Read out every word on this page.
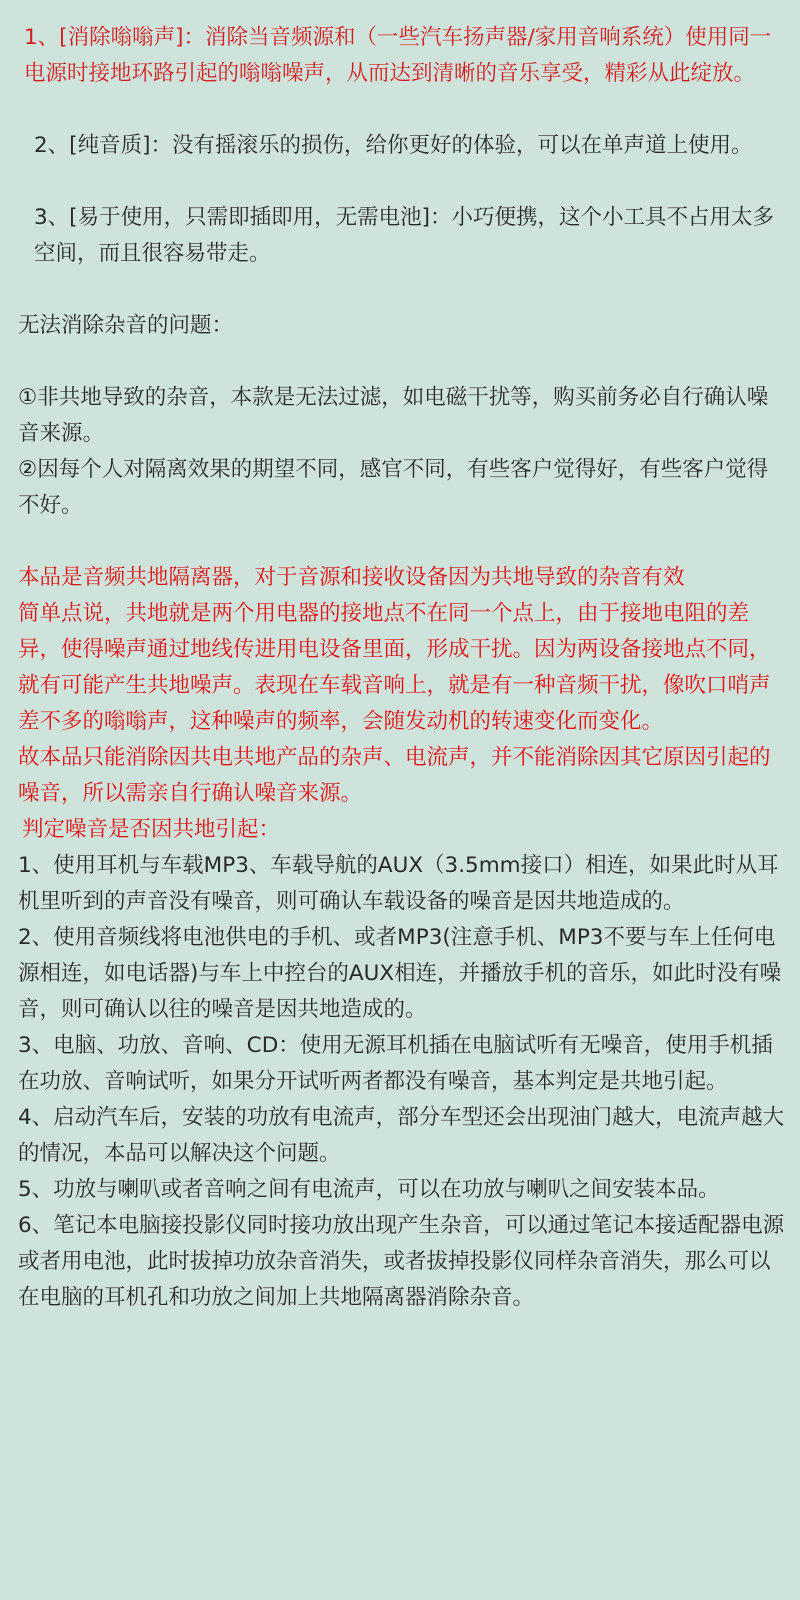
1、[消除嗡嗡声]：消除当音频源和（一些汽车扬声器/家用音响系统）使用同一电源时接地环路引起的嗡嗡噪声，从而达到清晰的音乐享受，精彩从此绽放。

2、[纯音质]：没有摇滚乐的损伤，给你更好的体验，可以在单声道上使用。

3、[易于使用，只需即插即用，无需电池]：小巧便携，这个小工具不占用太多空间，而且很容易带走。

无法消除杂音的问题：

①非共地导致的杂音，本款是无法过滤，如电磁干扰等，购买前务必自行确认噪音来源。

②因每个人对隔离效果的期望不同，感官不同，有些客户觉得好，有些客户觉得不好。

本品是音频共地隔离器，对于音源和接收设备因为共地导致的杂音有效

简单点说，共地就是两个用电器的接地点不在同一个点上，由于接地电阻的差异，使得噪声通过地线传进用电设备里面，形成干扰。因为两设备接地点不同，就有可能产生共地噪声。表现在车载音响上，就是有一种音频干扰，像吹口哨声差不多的嗡嗡声，这种噪声的频率，会随发动机的转速变化而变化。

故本品只能消除因共电共地产品的杂声、电流声，并不能消除因其它原因引起的噪音，所以需亲自行确认噪音来源。

判定噪音是否因共地引起：

1、使用耳机与车载MP3、车载导航的AUX（3.5mm接口）相连，如果此时从耳机里听到的声音没有噪音，则可确认车载设备的噪音是因共地造成的。

2、使用音频线将电池供电的手机、或者MP3(注意手机、MP3不要与车上任何电源相连，如电话器)与车上中控台的AUX相连，并播放手机的音乐，如此时没有噪音，则可确认以往的噪音是因共地造成的。

3、电脑、功放、音响、CD：使用无源耳机插在电脑试听有无噪音，使用手机插在功放、音响试听，如果分开试听两者都没有噪音，基本判定是共地引起。

4、启动汽车后，安装的功放有电流声，部分车型还会出现油门越大，电流声越大的情况，本品可以解决这个问题。

5、功放与喇叭或者音响之间有电流声，可以在功放与喇叭之间安装本品。

6、笔记本电脑接投影仪同时接功放出现产生杂音，可以通过笔记本接适配器电源或者用电池，此时拔掉功放杂音消失，或者拔掉投影仪同样杂音消失，那么可以在电脑的耳机孔和功放之间加上共地隔离器消除杂音。
